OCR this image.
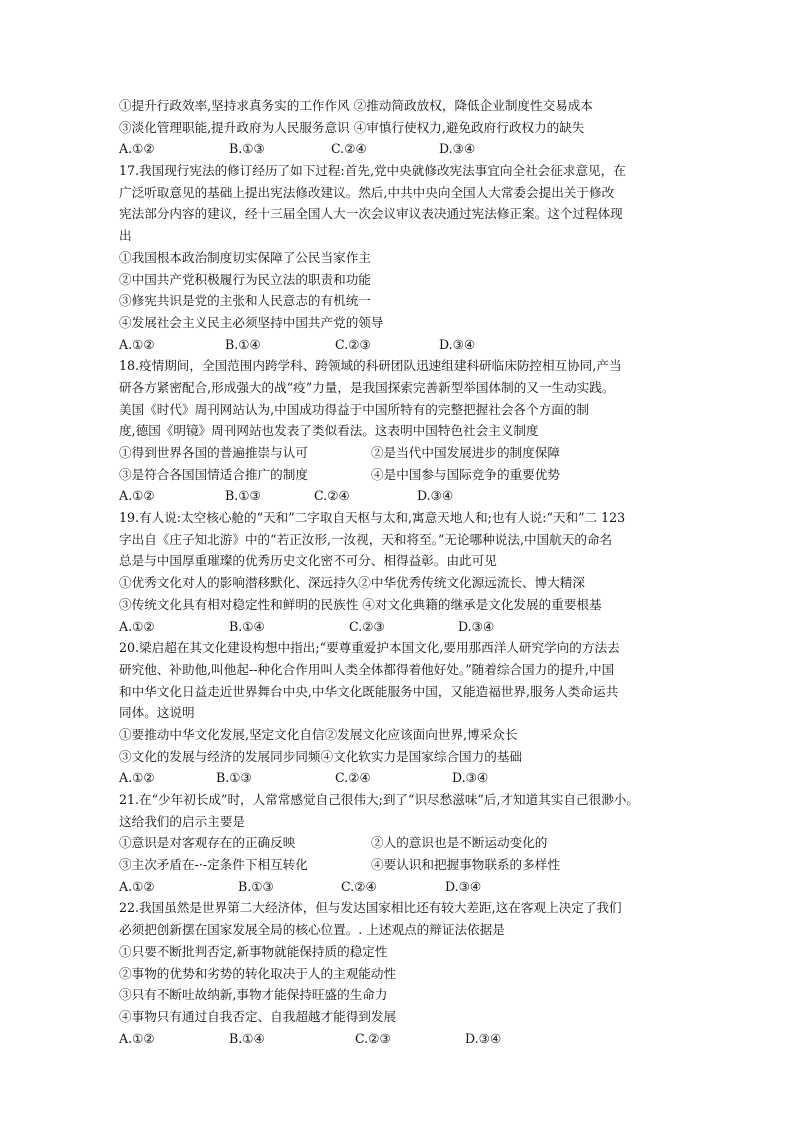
①提升行政效率,坚持求真务实的工作作风 ②推动简政放权，降低企业制度性交易成本
③淡化管理职能,提升政府为人民服务意识 ④审慎行使权力,避免政府行政权力的缺失
A.①②	B.①③	C.②④	D.③④
17.我国现行宪法的修订经历了如下过程:首先,党中央就修改宪法事宜向全社会征求意见，在
广泛听取意见的基础上提出宪法修改建议。然后,中共中央向全国人大常委会提出关于修改
宪法部分内容的建议，经十三届全国人大一次会议审议表决通过宪法修正案。这个过程体现
出
①我国根本政治制度切实保障了公民当家作主
②中国共产党积极履行为民立法的职责和功能
③修宪共识是党的主张和人民意志的有机统一
④发展社会主义民主必须坚持中国共产党的领导
A.①②	B.①④	C.②③	D.③④
18.疫情期间，全国范围内跨学科、跨领域的科研团队迅速组建科研临床防控相互协同,产当
研各方紧密配合,形成强大的战“疫”力量，是我国探索完善新型举国体制的又一生动实践。
美国《时代》周刊网站认为,中国成功得益于中国所特有的完整把握社会各个方面的制
度,德国《明镜》周刊网站也发表了类似看法。这表明中国特色社会主义制度
①得到世界各国的普遍推崇与认可	②是当代中国发展进步的制度保障
③是符合各国国情适合推广的制度	④是中国参与国际竞争的重要优势
A.①②	B.①③	C.②④	D.③④
19.有人说:太空核心舱的“天和”二字取自天枢与太和,寓意天地人和;也有人说:“天和”二 123
字出自《庄子知北游》中的“若正汝形,一汝视，天和将至。”无论哪种说法,中国航天的命名
总是与中国厚重璀璨的优秀历史文化密不可分、相得益彰。由此可见
①优秀文化对人的影响潜移默化、深远持久②中华优秀传统文化源远流长、博大精深
③传统文化具有相对稳定性和鲜明的民族性 ④对文化典籍的继承是文化发展的重要根基
A.①②	B.①④	C.②③	D.③④
20.梁启超在其文化建设构想中指出;“要尊重爱护本国文化,要用那西洋人研究学向的方法去
研究他、补助他,叫他起--种化合作用叫人类全体都得着他好处。”随着综合国力的提升,中国
和中华文化日益走近世界舞台中央,中华文化既能服务中国，又能造福世界,服务人类命运共
同体。这说明
①要推动中华文化发展,坚定文化自信②发展文化应该面向世界,博采众长
③文化的发展与经济的发展同步同频④文化软实力是国家综合国力的基础
A.①②	B.①③	C.②④	D.③④
21.在“少年初长成”时，人常常感觉自己很伟大;到了“识尽愁滋味”后,才知道其实自己很渺小。
这给我们的启示主要是
①意识是对客观存在的正确反映	②人的意识也是不断运动变化的
③主次矛盾在-·-定条件下相互转化	④要认识和把握事物联系的多样性
A.①②	B.①③	C.②④	D.③④
22.我国虽然是世界第二大经济体，但与发达国家相比还有较大差距,这在客观上决定了我们
必须把创新摆在国家发展全局的核心位置。. 上述观点的辩证法依据是
①只要不断批判否定,新事物就能保持质的稳定性
②事物的优势和劣势的转化取决于人的主观能动性
③只有不断吐故纳新,事物才能保持旺盛的生命力
④事物只有通过自我否定、自我超越才能得到发展
A.①②	B.①④	C.②③	D.③④
